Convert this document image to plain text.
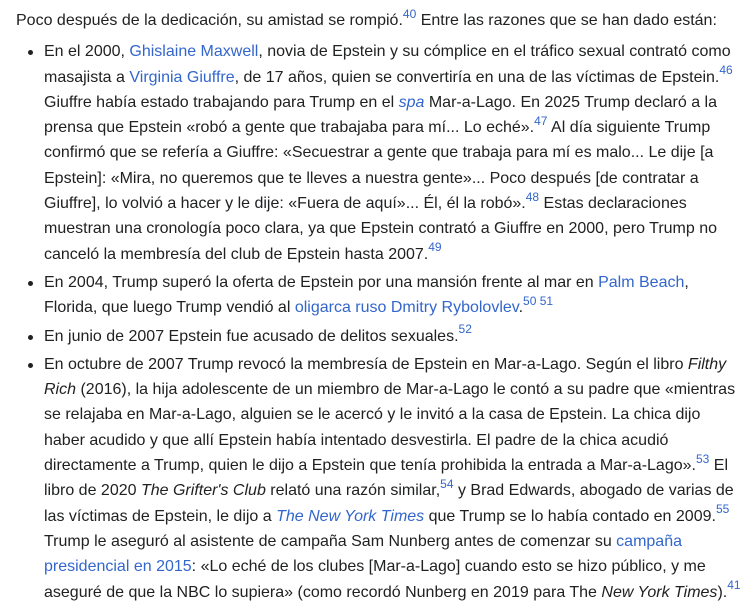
Poco después de la dedicación, su amistad se rompió.$^{40}$ Entre las razones que se han dado están:

En el 2000, Ghislaine Maxwell, novia de Epstein y su cómplice en el tráfico sexual contrató como masajista a Virginia Giuffre, de 17 años, quien se convertiría en una de las víctimas de Epstein.$^{46}$ Giuffre había estado trabajando para Trump en el spa Mar-a-Lago. En 2025 Trump declaró a la prensa que Epstein «robó a gente que trabajaba para mí... Lo eché».$^{47}$ Al día siguiente Trump confirmó que se refería a Giuffre: «Secuestrar a gente que trabaja para mí es malo... Le dije [a Epstein]: «Mira, no queremos que te lleves a nuestra gente»... Poco después [de contratar a Giuffre], lo volvió a hacer y le dije: «Fuera de aquí»... Él, él la robó».$^{48}$ Estas declaraciones muestran una cronología poco clara, ya que Epstein contrató a Giuffre en 2000, pero Trump no canceló la membresía del club de Epstein hasta 2007.49
En 2004, Trump superó la oferta de Epstein por una mansión frente al mar en Palm Beach, Florida, que luego Trump vendió al oligarca ruso Dmitry Rybolovlev.$^{50}$ $^{51}$
En junio de 2007 Epstein fue acusado de delitos sexuales.$^{52}$
En octubre de 2007 Trump revocó la membresía de Epstein en Mar-a-Lago. Según el libro Filthy Rich (2016), la hija adolescente de un miembro de Mar-a-Lago le contó a su padre que «mientras se relajaba en Mar-a-Lago, alguien se le acercó y le invitó a la casa de Epstein. La chica dijo haber acudido y que allí Epstein había intentado desvestirla. El padre de la chica acudió directamente a Trump, quien le dijo a Epstein que tenía prohibida la entrada a Mar-a-Lago».$^{53}$ El libro de 2020 The Grifter's Club relató una razón similar,$^{54}$ y Brad Edwards, abogado de varias de las víctimas de Epstein, le dijo a The New York Times que Trump se lo había contado en 2009.55 Trump le aseguró al asistente de campaña Sam Nunberg antes de comenzar su campaña presidencial en 2015: «Lo eché de los clubes [Mar-a-Lago] cuando esto se hizo público, y me aseguré de que la NBC lo supiera» (como recordó Nunberg en 2019 para The New York Times).$^{41}$
